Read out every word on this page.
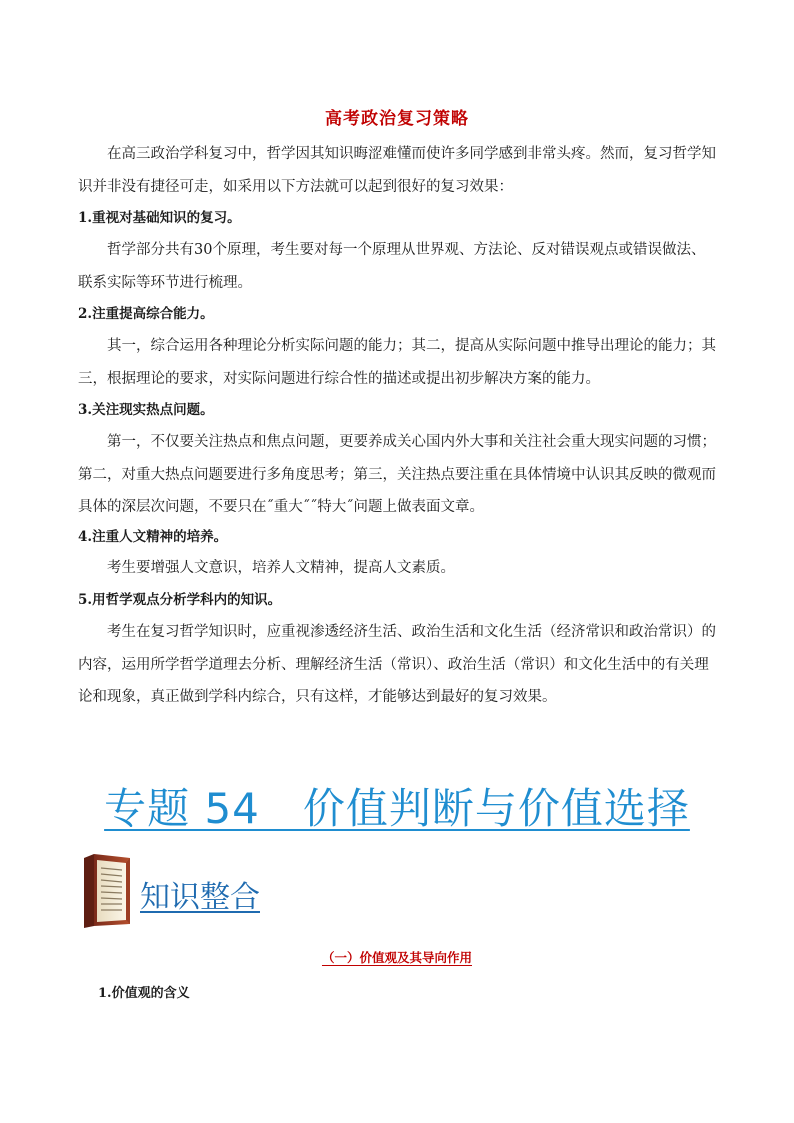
高考政治复习策略

在高三政治学科复习中，哲学因其知识晦涩难懂而使许多同学感到非常头疼。然而，复习哲学知识并非没有捷径可走，如采用以下方法就可以起到很好的复习效果：

1.重视对基础知识的复习。

哲学部分共有30个原理，考生要对每一个原理从世界观、方法论、反对错误观点或错误做法、联系实际等环节进行梳理。

2.注重提高综合能力。

其一，综合运用各种理论分析实际问题的能力；其二，提高从实际问题中推导出理论的能力；其三，根据理论的要求，对实际问题进行综合性的描述或提出初步解决方案的能力。

3.关注现实热点问题。

第一，不仅要关注热点和焦点问题，更要养成关心国内外大事和关注社会重大现实问题的习惯；第二，对重大热点问题要进行多角度思考；第三，关注热点要注重在具体情境中认识其反映的微观而具体的深层次问题，不要只在˝重大˝˝特大˝问题上做表面文章。

4.注重人文精神的培养。

考生要增强人文意识，培养人文精神，提高人文素质。

5.用哲学观点分析学科内的知识。

考生在复习哲学知识时，应重视渗透经济生活、政治生活和文化生活（经济常识和政治常识）的内容，运用所学哲学道理去分析、理解经济生活（常识）、政治生活（常识）和文化生活中的有关理论和现象，真正做到学科内综合，只有这样，才能够达到最好的复习效果。

专题 54　价值判断与价值选择
知识整合
（一）价值观及其导向作用
1.价值观的含义
